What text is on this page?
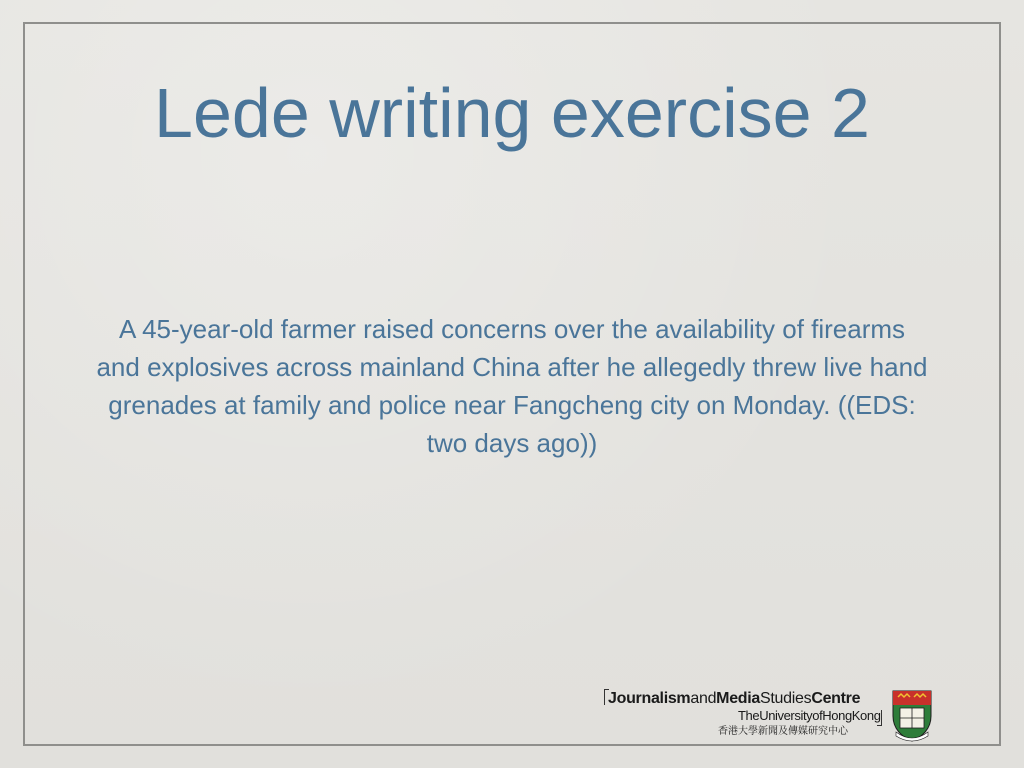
Lede writing exercise 2

A 45-year-old farmer raised concerns over the availability of firearms and explosives across mainland China after he allegedly threw live hand grenades at family and police near Fangcheng city on Monday. ((EDS: two days ago))

JournalismandMediaStudiesCentre
TheUniversityofHongKong
香港大學新聞及傳媒研究中心
